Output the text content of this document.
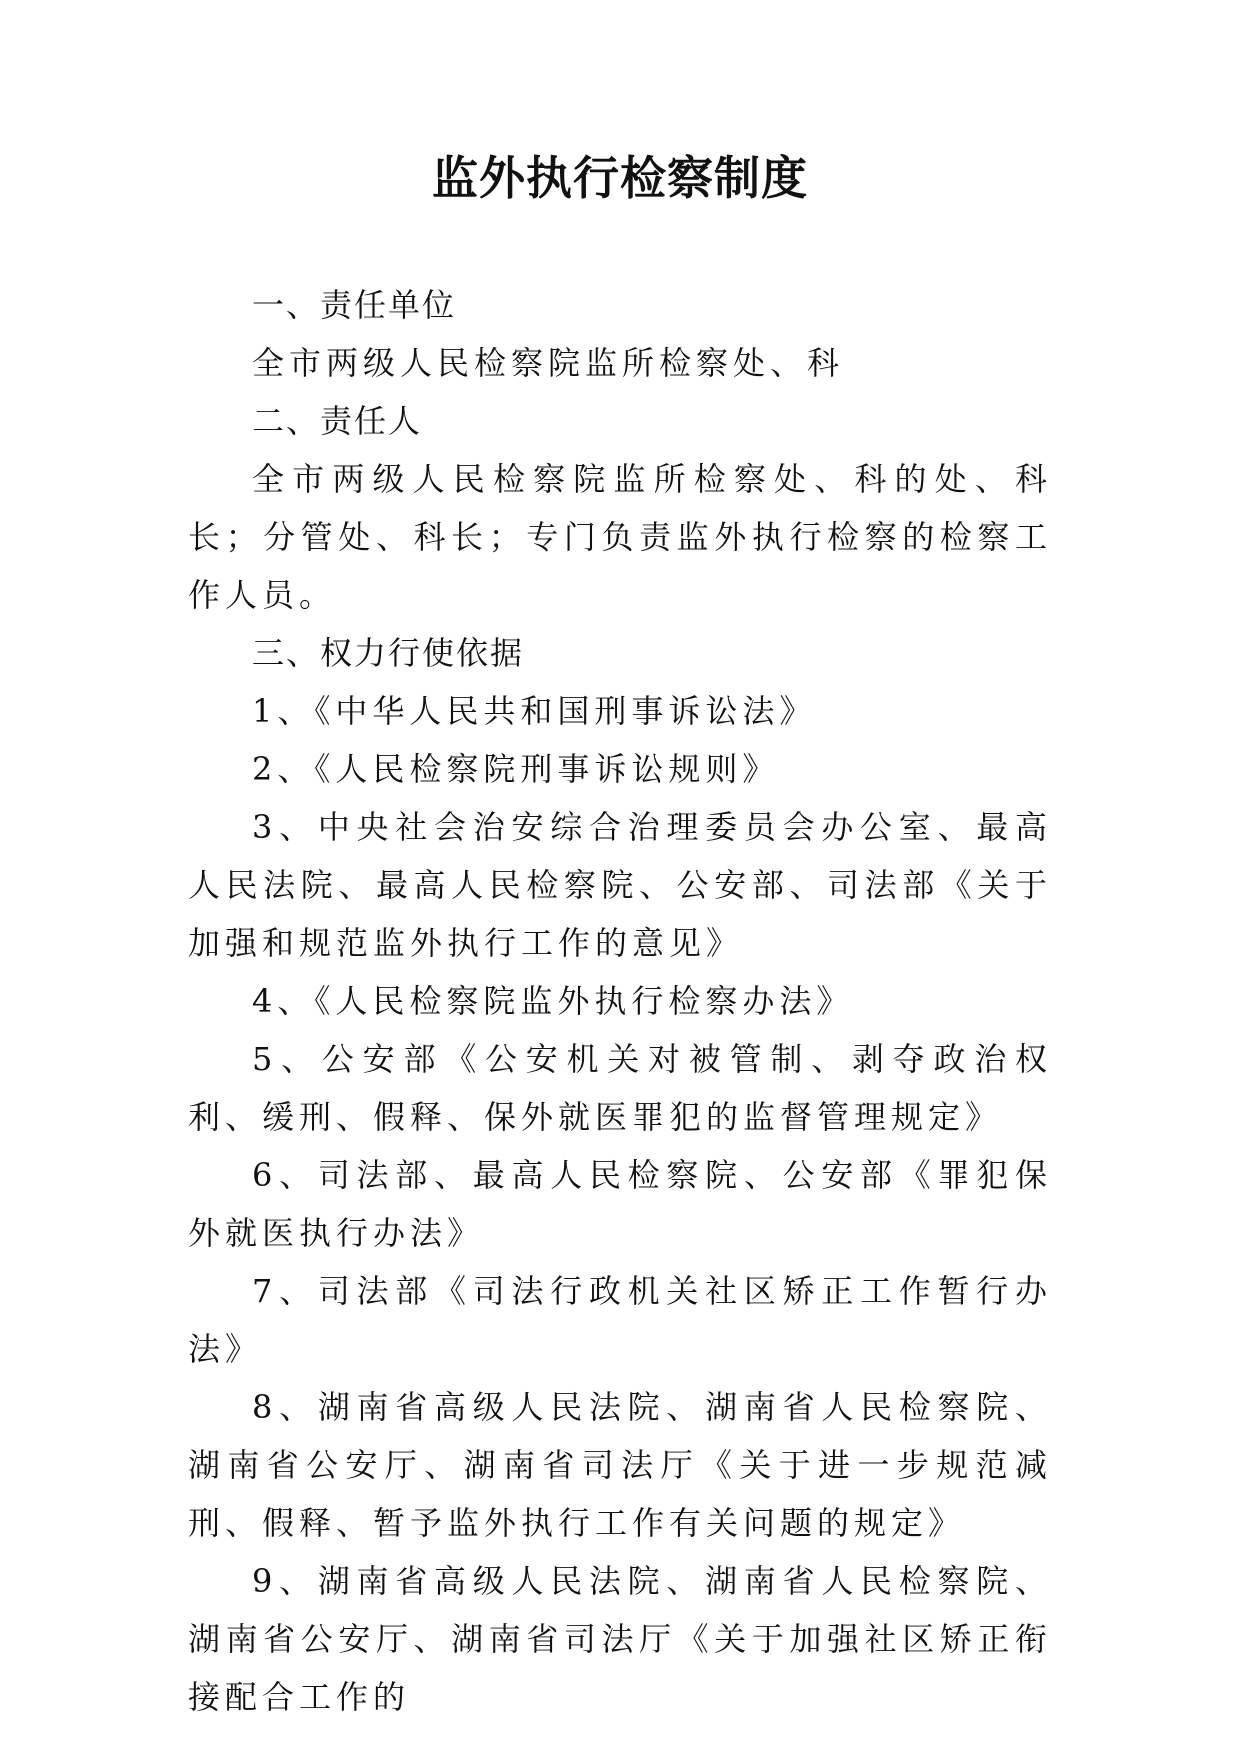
监外执行检察制度
一、责任单位

全市两级人民检察院监所检察处、科

二、责任人

全市两级人民检察院监所检察处、科的处、科长；分管处、科长；专门负责监外执行检察的检察工作人员。

三、权力行使依据

1、《中华人民共和国刑事诉讼法》

2、《人民检察院刑事诉讼规则》

3、中央社会治安综合治理委员会办公室、最高人民法院、最高人民检察院、公安部、司法部《关于加强和规范监外执行工作的意见》

4、《人民检察院监外执行检察办法》

5、公安部《公安机关对被管制、剥夺政治权利、缓刑、假释、保外就医罪犯的监督管理规定》

6、司法部、最高人民检察院、公安部《罪犯保外就医执行办法》

7、司法部《司法行政机关社区矫正工作暂行办法》

8、湖南省高级人民法院、湖南省人民检察院、湖南省公安厅、湖南省司法厅《关于进一步规范减刑、假释、暂予监外执行工作有关问题的规定》

9、湖南省高级人民法院、湖南省人民检察院、湖南省公安厅、湖南省司法厅《关于加强社区矫正衔接配合工作的
